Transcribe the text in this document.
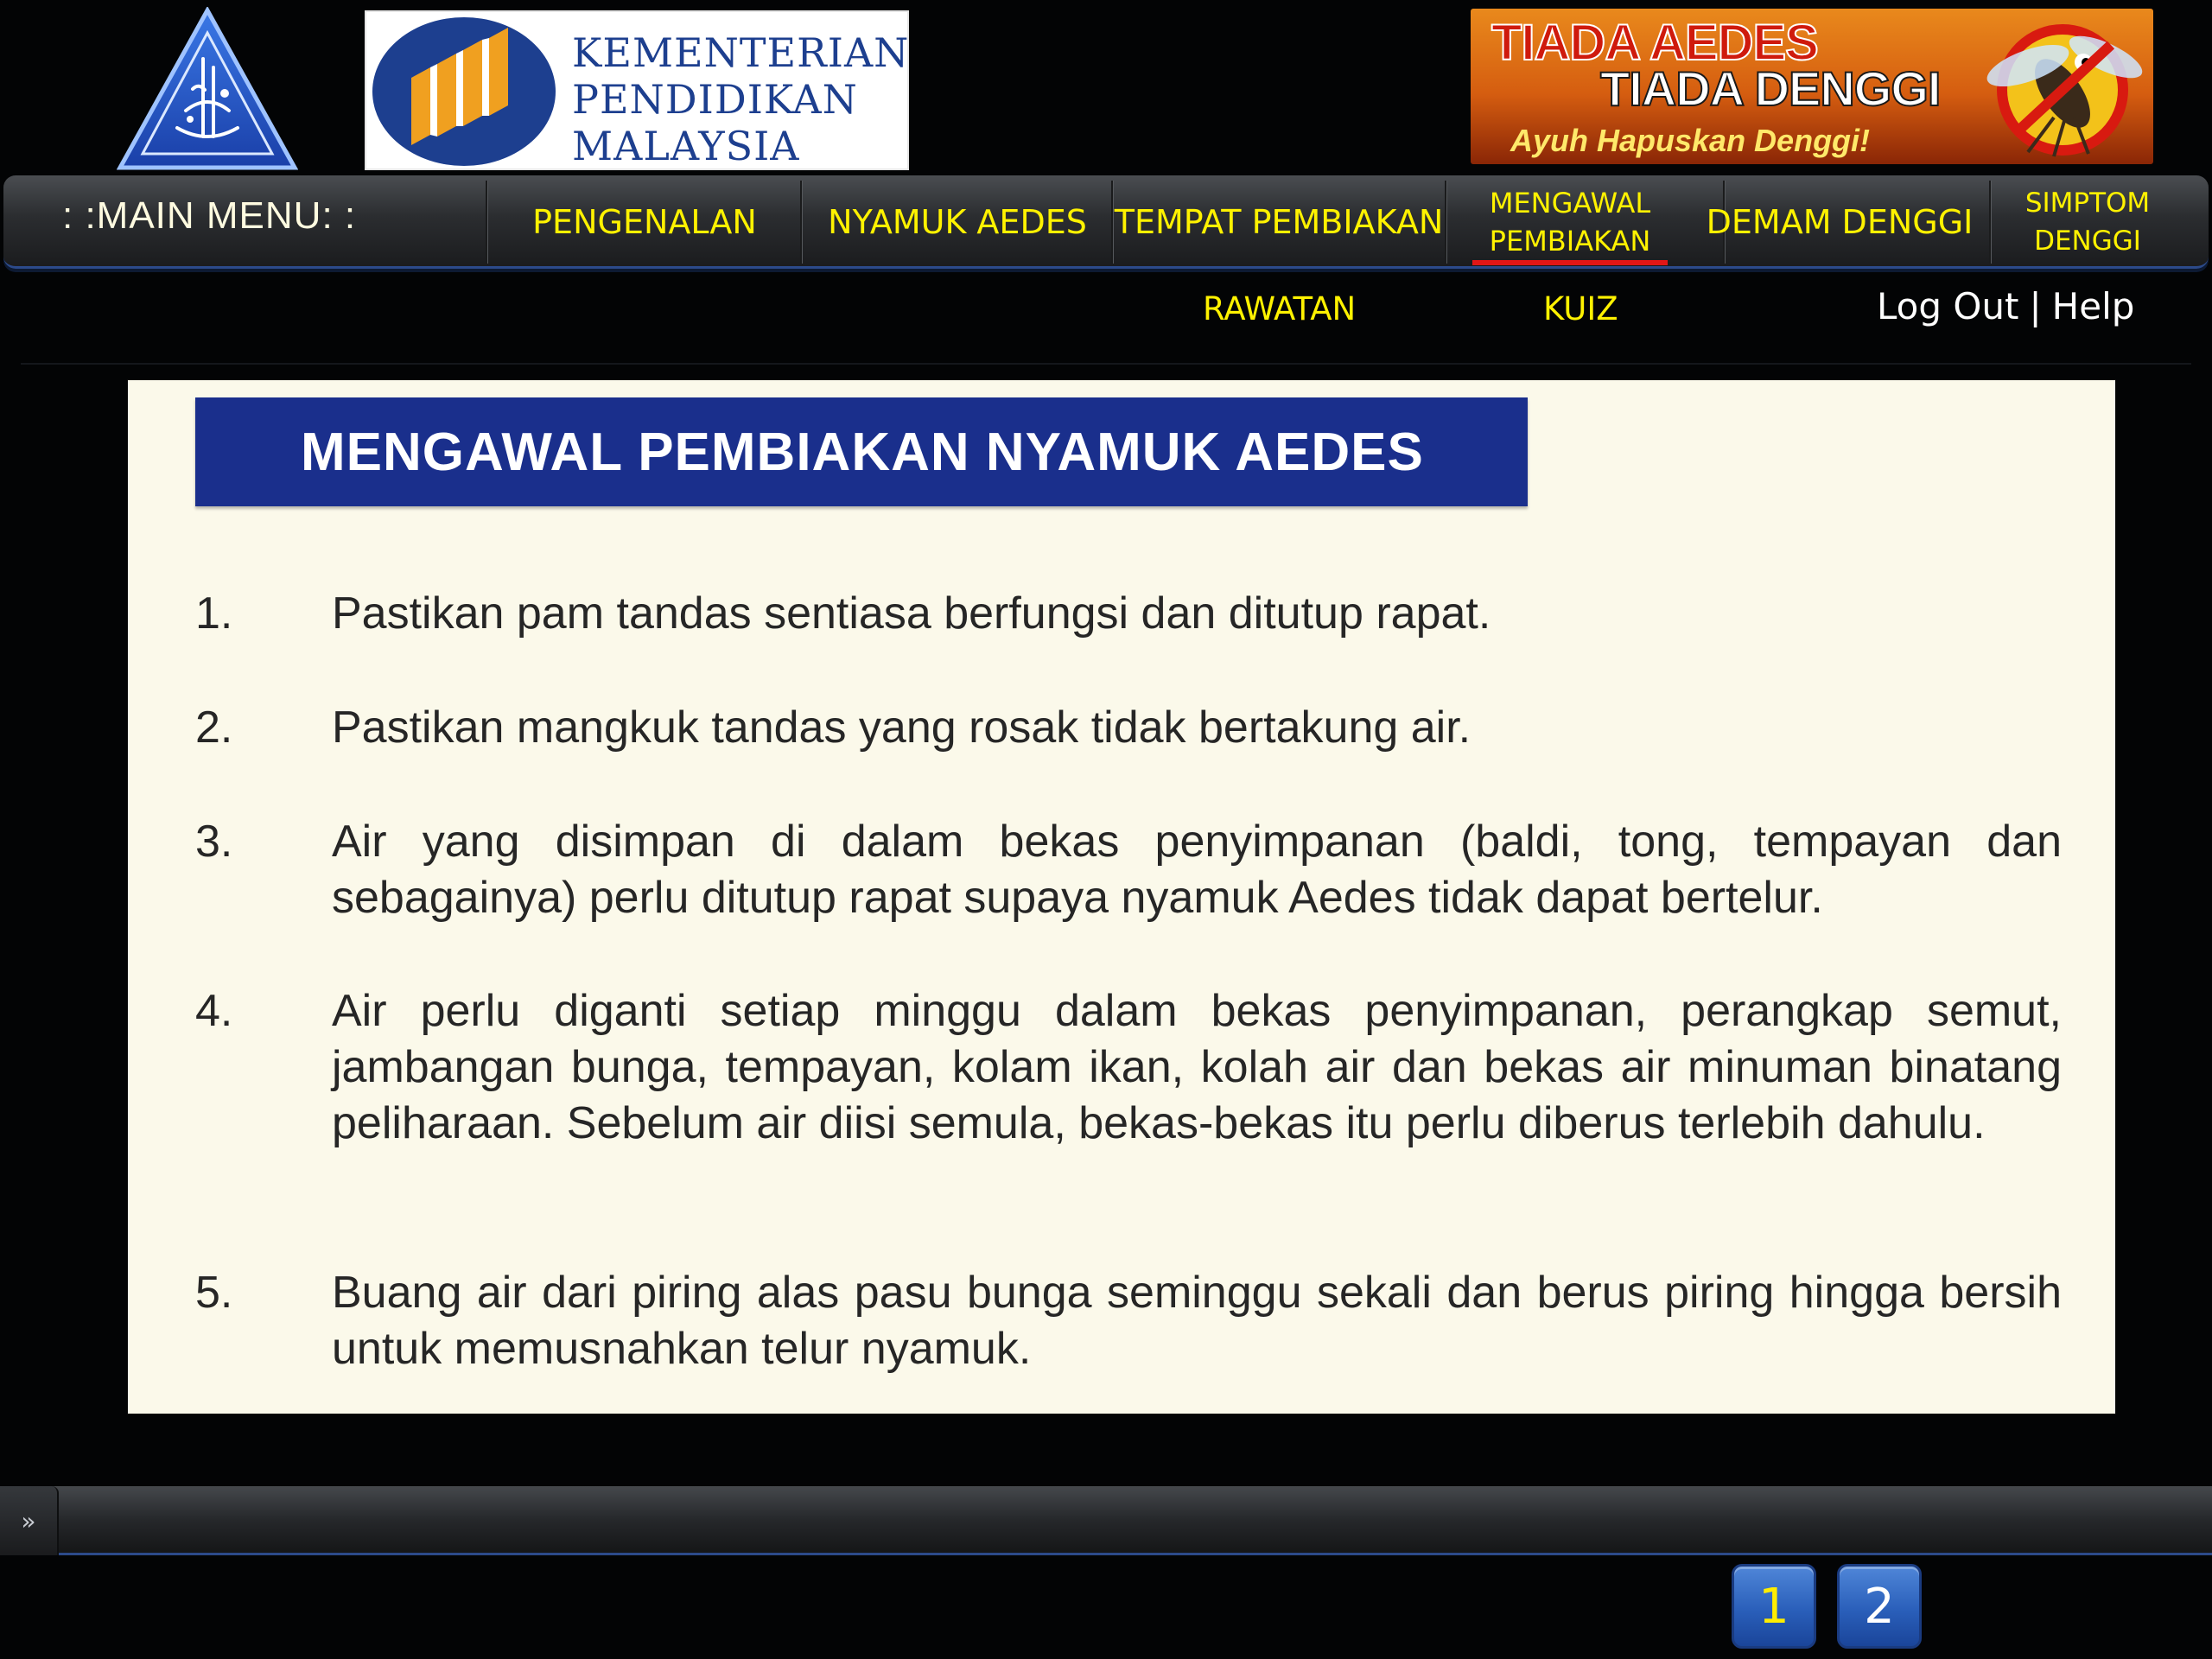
KEMENTERIAN
PENDIDIKAN
MALAYSIA
TIADA AEDES
TIADA DENGGI
Ayuh Hapuskan Denggi!
: :MAIN MENU: :	PENGENALAN NYAMUK AEDES TEMPAT PEMBIAKAN MENGAWAL
PEMBIAKAN DEMAM DENGGI SIMPTOM
DENGGI
RAWATAN	KUIZ	Log Out | Help
MENGAWAL PEMBIAKAN NYAMUK AEDES
1.	Pastikan pam tandas sentiasa berfungsi dan ditutup rapat.
2.	Pastikan mangkuk tandas yang rosak tidak bertakung air.
3.	Air yang disimpan di dalam bekas penyimpanan (baldi, tong, tempayan dan sebagainya) perlu ditutup rapat supaya nyamuk Aedes tidak dapat bertelur.
4.	Air perlu diganti setiap minggu dalam bekas penyimpanan, perangkap semut, jambangan bunga, tempayan, kolam ikan, kolah air dan bekas air minuman binatang peliharaan. Sebelum air diisi semula, bekas-bekas itu perlu diberus terlebih dahulu.
5.	Buang air dari piring alas pasu bunga seminggu sekali dan berus piring hingga bersih untuk memusnahkan telur nyamuk.
»
1	2
